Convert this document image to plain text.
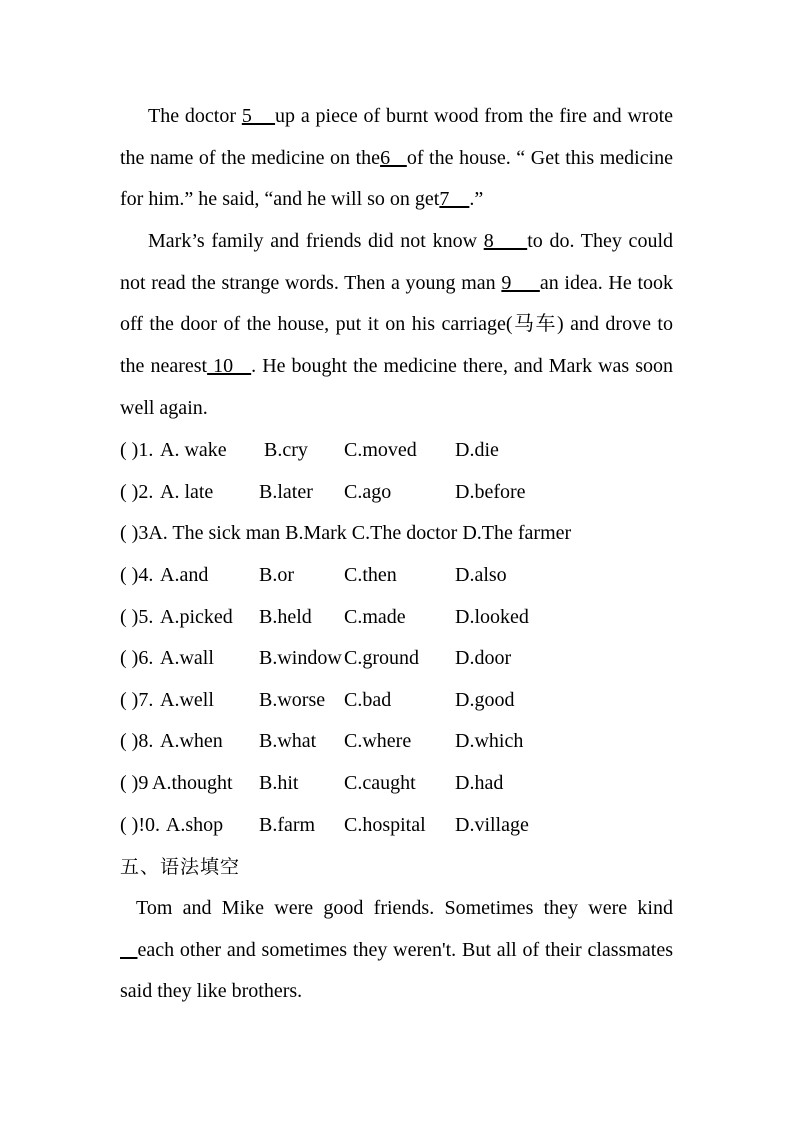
The doctor 5    up a piece of burnt wood from the fire and wrote the name of the medicine on the6   of the house. “ Get this medicine for him.” he said, “and he will so on get7    .”

Mark’s family and friends did not know 8     to do. They could not read the strange words. Then a young man 9     an idea. He took off the door of the house, put it on his carriage(马车) and drove to the nearest 10   . He bought the medicine there, and Mark was soon well again.

( )1. A. wake B.cry C.moved D.die
( )2. A. late B.later C.ago	D.before
( )3A. The sick man B.Mark C.The doctor D.The farmer
( )4. A.and	B.or	C.then	D.also
( )5. A.picked B.held C.made D.looked
( )6. A.wall B.window C.ground D.door
( )7. A.well B.worse C.bad	D.good
( )8. A.when B.what C.where D.which
( )9 A.thought B.hit C.caught D.had
( )!0. A.shop B.farm C.hospital D.village
五、语法填空

Tom and Mike were good friends. Sometimes they were kind    each other and sometimes they weren't. But all of their classmates said they like brothers.
